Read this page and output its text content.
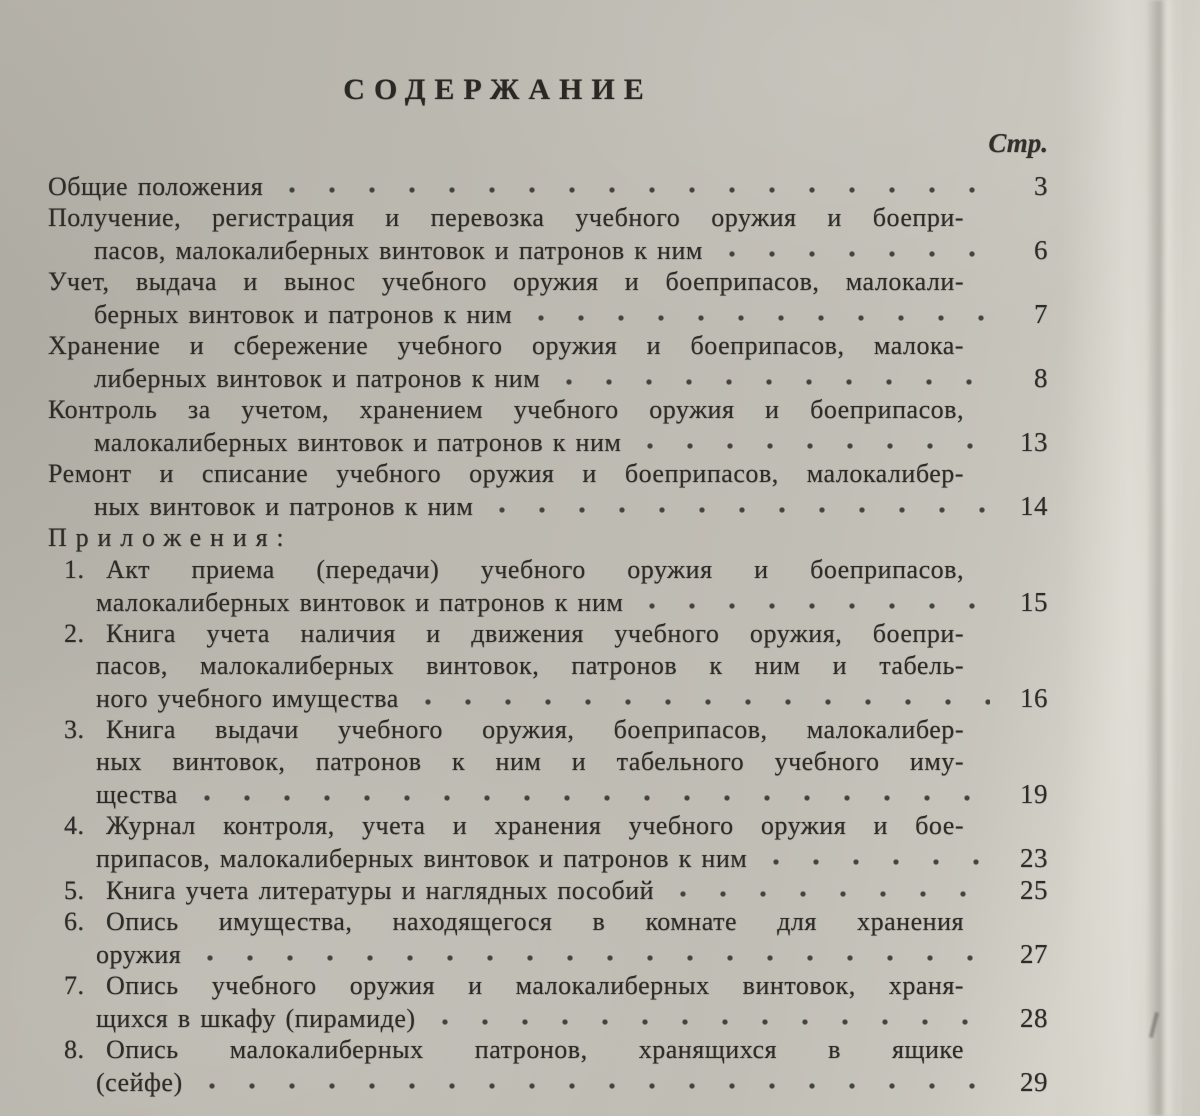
СОДЕРЖАНИЕ
Стр.
Общие положения	3
Получение, регистрация и перевозка учебного оружия и боепри-
пасов, малокалиберных винтовок и патронов к ним	6
Учет, выдача и вынос учебного оружия и боеприпасов, малокали-
берных винтовок и патронов к ним	7
Хранение и сбережение учебного оружия и боеприпасов, малока-
либерных винтовок и патронов к ним	8
Контроль за учетом, хранением учебного оружия и боеприпасов,
малокалиберных винтовок и патронов к ним	13
Ремонт и списание учебного оружия и боеприпасов, малокалибер-
ных винтовок и патронов к ним	14
Приложения:
1. Акт приема (передачи) учебного оружия и боеприпасов,
малокалиберных винтовок и патронов к ним	15
2. Книга учета наличия и движения учебного оружия, боепри-
пасов, малокалиберных винтовок, патронов к ним и табель-
ного учебного имущества	16
3. Книга выдачи учебного оружия, боеприпасов, малокалибер-
ных винтовок, патронов к ним и табельного учебного иму-
щества	19
4. Журнал контроля, учета и хранения учебного оружия и бое-
припасов, малокалиберных винтовок и патронов к ним	23
5. Книга учета литературы и наглядных пособий	25
6. Опись имущества, находящегося в комнате для хранения
оружия	27
7. Опись учебного оружия и малокалиберных винтовок, храня-
щихся в шкафу (пирамиде)	28
8. Опись малокалиберных патронов, хранящихся в ящике
(сейфе)	29
